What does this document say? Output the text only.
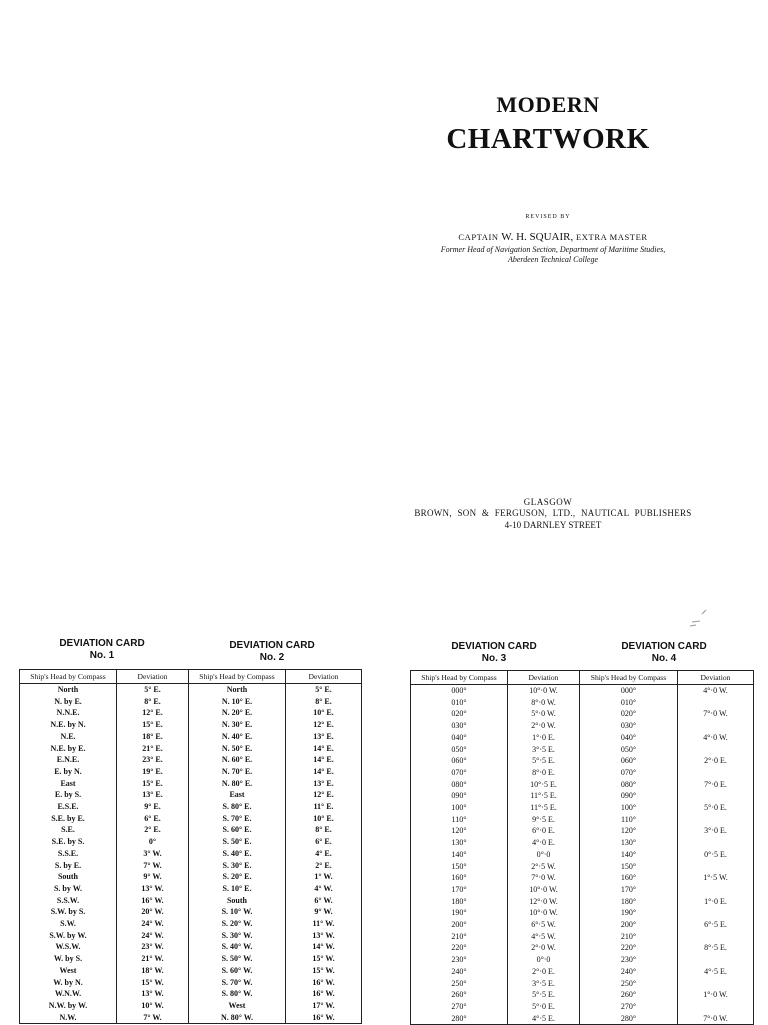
MODERN
CHARTWORK
REVISED BY
CAPTAIN W. H. SQUAIR, EXTRA MASTER
Former Head of Navigation Section, Department of Maritime Studies,
Aberdeen Technical College
GLASGOW
BROWN, SON & FERGUSON, LTD., NAUTICAL PUBLISHERS
4-10 DARNLEY STREET
DEVIATION CARD
No. 1
DEVIATION CARD
No. 2
DEVIATION CARD
No. 3
DEVIATION CARD
No. 4
Ship's Head by Compass	Deviation	Ship's Head by Compass	Deviation
North	5° E.	North	5° E.
N. by E.	8° E.	N. 10° E.	8° E.
N.N.E.	12° E.	N. 20° E.	10° E.
N.E. by N.	15° E.	N. 30° E.	12° E.
N.E.	18° E.	N. 40° E.	13° E.
N.E. by E.	21° E.	N. 50° E.	14° E.
E.N.E.	23° E.	N. 60° E.	14° E.
E. by N.	19° E.	N. 70° E.	14° E.
East	15° E.	N. 80° E.	13° E.
E. by S.	13° E.	East	12° E.
E.S.E.	9° E.	S. 80° E.	11° E.
S.E. by E.	6° E.	S. 70° E.	10° E.
S.E.	2° E.	S. 60° E.	8° E.
S.E. by S.	0°	S. 50° E.	6° E.
S.S.E.	3° W.	S. 40° E.	4° E.
S. by E.	7° W.	S. 30° E.	2° E.
South	9° W.	S. 20° E.	1° W.
S. by W.	13° W.	S. 10° E.	4° W.
S.S.W.	16° W.	South	6° W.
S.W. by S.	20° W.	S. 10° W.	9° W.
S.W.	24° W.	S. 20° W.	11° W.
S.W. by W.	24° W.	S. 30° W.	13° W.
W.S.W.	23° W.	S. 40° W.	14° W.
W. by S.	21° W.	S. 50° W.	15° W.
West	18° W.	S. 60° W.	15° W.
W. by N.	15° W.	S. 70° W.	16° W.
W.N.W.	13° W.	S. 80° W.	16° W.
N.W. by W.	10° W.	West	17° W.
N.W.	7° W.	N. 80° W.	16° W.
Ship's Head by Compass	Deviation	Ship's Head by Compass	Deviation
000°	10°·0 W.	000°	4°·0 W.
010°	8°·0 W.	010°	
020°	5°·0 W.	020°	7°·0 W.
030°	2°·0 W.	030°	
040°	1°·0 E.	040°	4°·0 W.
050°	3°·5 E.	050°	
060°	5°·5 E.	060°	2°·0 E.
070°	8°·0 E.	070°	
080°	10°·5 E.	080°	7°·0 E.
090°	11°·5 E.	090°	
100°	11°·5 E.	100°	5°·0 E.
110°	9°·5 E.	110°	
120°	6°·0 E.	120°	3°·0 E.
130°	4°·0 E.	130°	
140°	0°·0	140°	0°·5 E.
150°	2°·5 W.	150°	
160°	7°·0 W.	160°	1°·5 W.
170°	10°·0 W.	170°	
180°	12°·0 W.	180°	1°·0 E.
190°	10°·0 W.	190°	
200°	6°·5 W.	200°	6°·5 E.
210°	4°·5 W.	210°	
220°	2°·0 W.	220°	8°·5 E.
230°	0°·0	230°	
240°	2°·0 E.	240°	4°·5 E.
250°	3°·5 E.	250°	
260°	5°·5 E.	260°	1°·0 W.
270°	5°·0 E.	270°	
280°	4°·5 E.	280°	7°·0 W.
